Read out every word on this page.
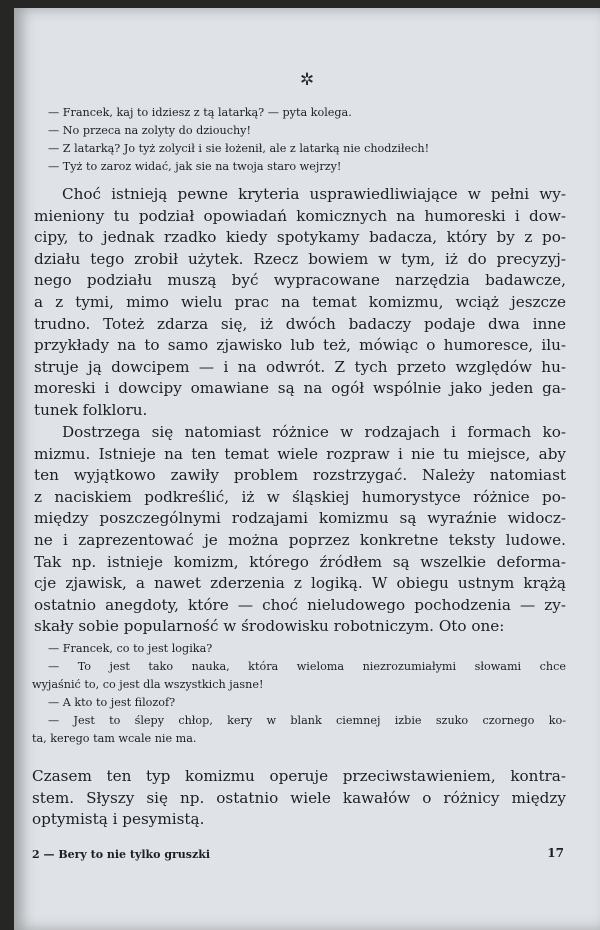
✲
— Francek, kaj to idziesz z tą latarką? — pyta kolega.
— No przeca na zolyty do dziouchy!
— Z latarką? Jo tyż zolycił i sie łożenił, ale z latarką nie chodziłech!
— Tyż to zaroz widać, jak sie na twoja staro wejrzy!
Choć istnieją pewne kryteria usprawiedliwiające w pełni wy-
mieniony tu podział opowiadań komicznych na humoreski i dow-
cipy, to jednak rzadko kiedy spotykamy badacza, który by z po-
działu tego zrobił użytek. Rzecz bowiem w tym, iż do precyzyj-
nego podziału muszą być wypracowane narzędzia badawcze,
a z tymi, mimo wielu prac na temat komizmu, wciąż jeszcze
trudno. Toteż zdarza się, iż dwóch badaczy podaje dwa inne
przykłady na to samo zjawisko lub też, mówiąc o humoresce, ilu-
struje ją dowcipem — i na odwrót. Z tych przeto względów hu-
moreski i dowcipy omawiane są na ogół wspólnie jako jeden ga-
tunek folkloru.
Dostrzega się natomiast różnice w rodzajach i formach ko-
mizmu. Istnieje na ten temat wiele rozpraw i nie tu miejsce, aby
ten wyjątkowo zawiły problem rozstrzygać. Należy natomiast
z naciskiem podkreślić, iż w śląskiej humorystyce różnice po-
między poszczególnymi rodzajami komizmu są wyraźnie widocz-
ne i zaprezentować je można poprzez konkretne teksty ludowe.
Tak np. istnieje komizm, którego źródłem są wszelkie deforma-
cje zjawisk, a nawet zderzenia z logiką. W obiegu ustnym krążą
ostatnio anegdoty, które — choć nieludowego pochodzenia — zy-
skały sobie popularność w środowisku robotniczym. Oto one:
— Francek, co to jest logika?
— To jest tako nauka, która wieloma niezrozumiałymi słowami chce
wyjaśnić to, co jest dla wszystkich jasne!
— A kto to jest filozof?
— Jest to ślepy chłop, kery w blank ciemnej izbie szuko czornego ko-
ta, kerego tam wcale nie ma.
Czasem ten typ komizmu operuje przeciwstawieniem, kontra-
stem. Słyszy się np. ostatnio wiele kawałów o różnicy między
optymistą i pesymistą.
2 — Bery to nie tylko gruszki	17
